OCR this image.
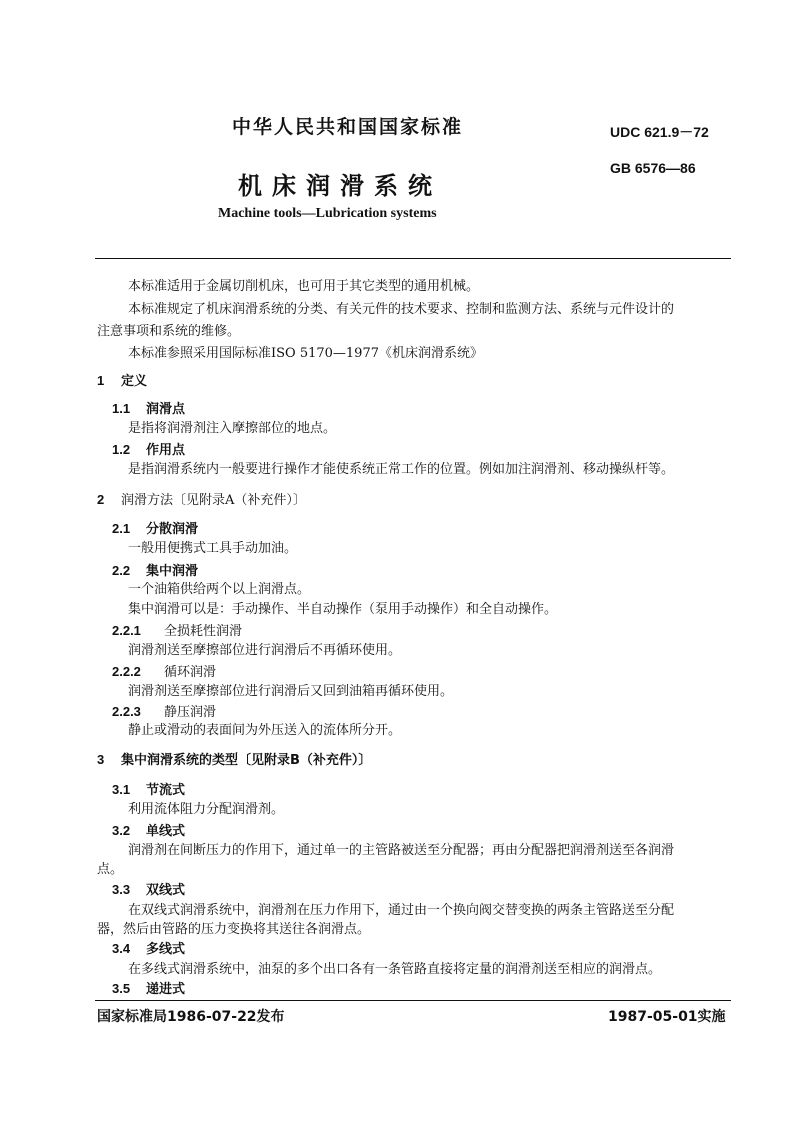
中华人民共和国国家标准	UDC 621.9－72
机床润滑系统
GB 6576—86
Machine tools—Lubrication systems
本标准适用于金属切削机床，也可用于其它类型的通用机械。
本标准规定了机床润滑系统的分类、有关元件的技术要求、控制和监测方法、系统与元件设计的
注意事项和系统的维修。
本标准参照采用国际标准ISO 5170—1977《机床润滑系统》
1 定义
1.1 润滑点
是指将润滑剂注入摩擦部位的地点。
1.2 作用点
是指润滑系统内一般要进行操作才能使系统正常工作的位置。例如加注润滑剂、移动操纵杆等。
2 润滑方法〔见附录A（补充件）〕
2.1 分散润滑
一般用便携式工具手动加油。
2.2 集中润滑
一个油箱供给两个以上润滑点。
集中润滑可以是：手动操作、半自动操作（泵用手动操作）和全自动操作。
2.2.1 全损耗性润滑
润滑剂送至摩擦部位进行润滑后不再循环使用。
2.2.2 循环润滑
润滑剂送至摩擦部位进行润滑后又回到油箱再循环使用。
2.2.3 静压润滑
静止或滑动的表面间为外压送入的流体所分开。
3 集中润滑系统的类型〔见附录B（补充件）〕
3.1 节流式
利用流体阻力分配润滑剂。
3.2 单线式
润滑剂在间断压力的作用下，通过单一的主管路被送至分配器；再由分配器把润滑剂送至各润滑
点。
3.3 双线式
在双线式润滑系统中，润滑剂在压力作用下，通过由一个换向阀交替变换的两条主管路送至分配
器，然后由管路的压力变换将其送往各润滑点。
3.4 多线式
在多线式润滑系统中，油泵的多个出口各有一条管路直接将定量的润滑剂送至相应的润滑点。
3.5 递进式
国家标准局1986-07-22发布	1987-05-01实施
